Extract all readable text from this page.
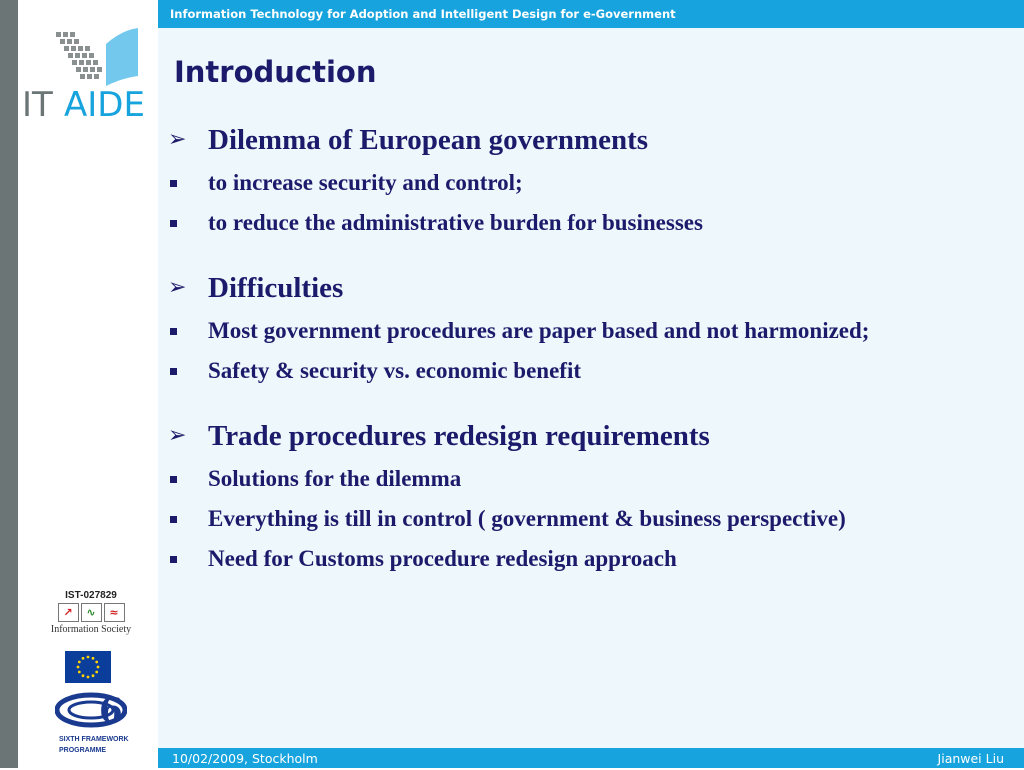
Information Technology for Adoption and Intelligent Design for e-Government
IT AIDE
Introduction

➢ Dilemma of European governments

to increase security and control;

to reduce the administrative burden for businesses

➢ Difficulties

Most government procedures are paper based and not harmonized;

Safety & security vs. economic benefit

➢ Trade procedures redesign requirements

Solutions for the dilemma

Everything is till in control ( government & business perspective)

Need for Customs procedure redesign approach

IST-027829
↗	∿	≈
Information Society
6
SIXTH FRAMEWORK
PROGRAMME
10/02/2009, Stockholm	Jianwei Liu
